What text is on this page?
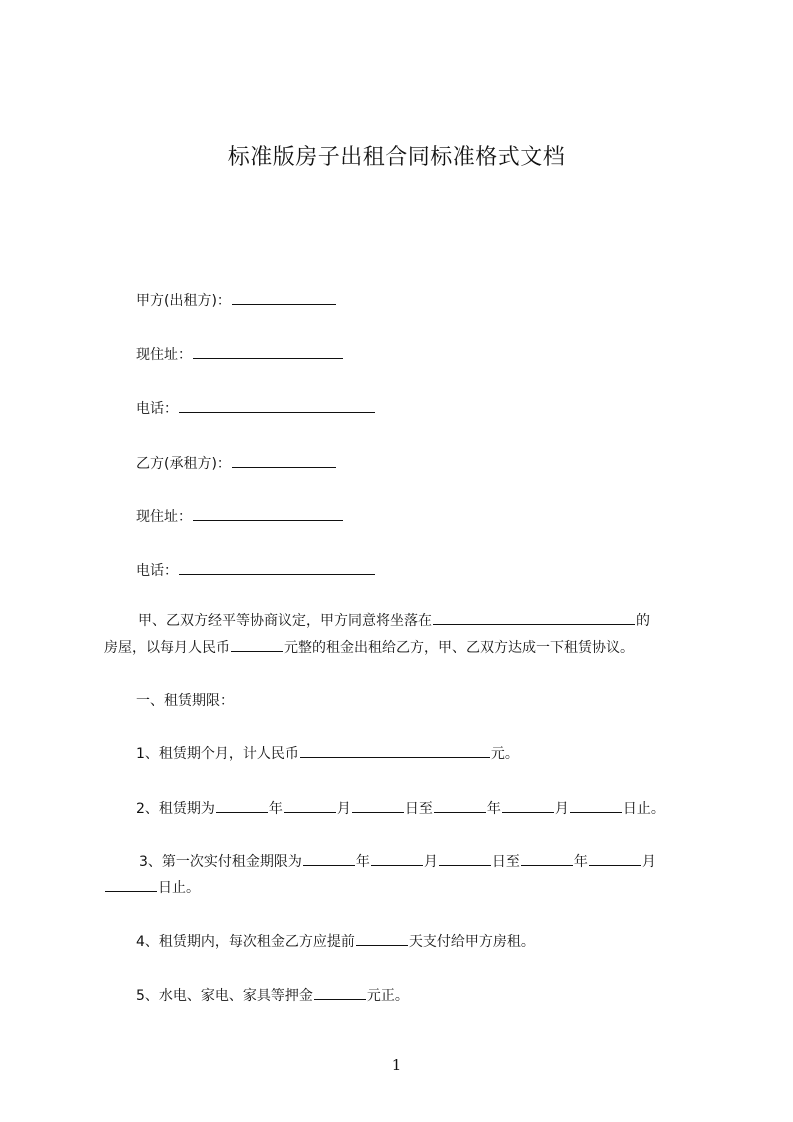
标准版房子出租合同标准格式文档
甲方(出租方)：
现住址：
电话：
乙方(承租方)：
现住址：
电话：
甲、乙双方经平等协商议定，甲方同意将坐落在	的
房屋，以每月人民币	元整的租金出租给乙方，甲、乙双方达成一下租赁协议。
一、租赁期限：
1、租赁期个月，计人民币	元。
2、租赁期为	年	月	日至	年	月	日止。
3、第一次实付租金期限为	年	月	日至	年	月
日止。
4、租赁期内，每次租金乙方应提前	天支付给甲方房租。
5、水电、家电、家具等押金	元正。
1
